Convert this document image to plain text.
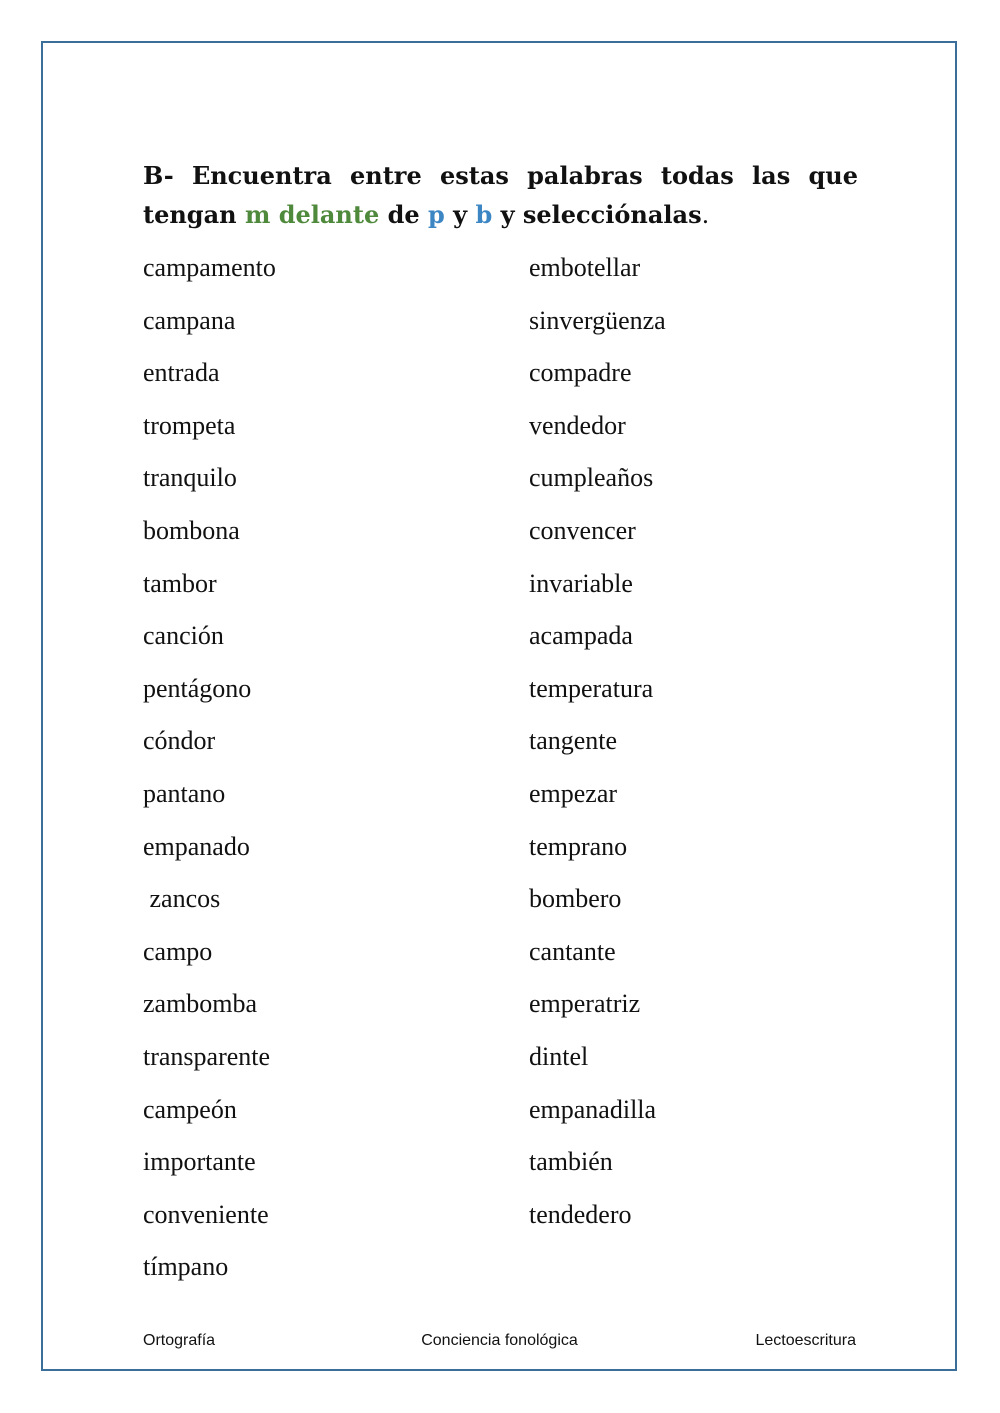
B- Encuentra entre estas palabras todas las que tengan m delante de p y b y selecciónalas.
campamento
campana
entrada
trompeta
tranquilo
bombona
tambor
canción
pentágono
cóndor
pantano
empanado
zancos
campo
zambomba
transparente
campeón
importante
conveniente
tímpano
embotellar
sinvergüenza
compadre
vendedor
cumpleaños
convencer
invariable
acampada
temperatura
tangente
empezar
temprano
bombero
cantante
emperatriz
dintel
empanadilla
también
tendedero
Ortografía	Conciencia fonológica	Lectoescritura
